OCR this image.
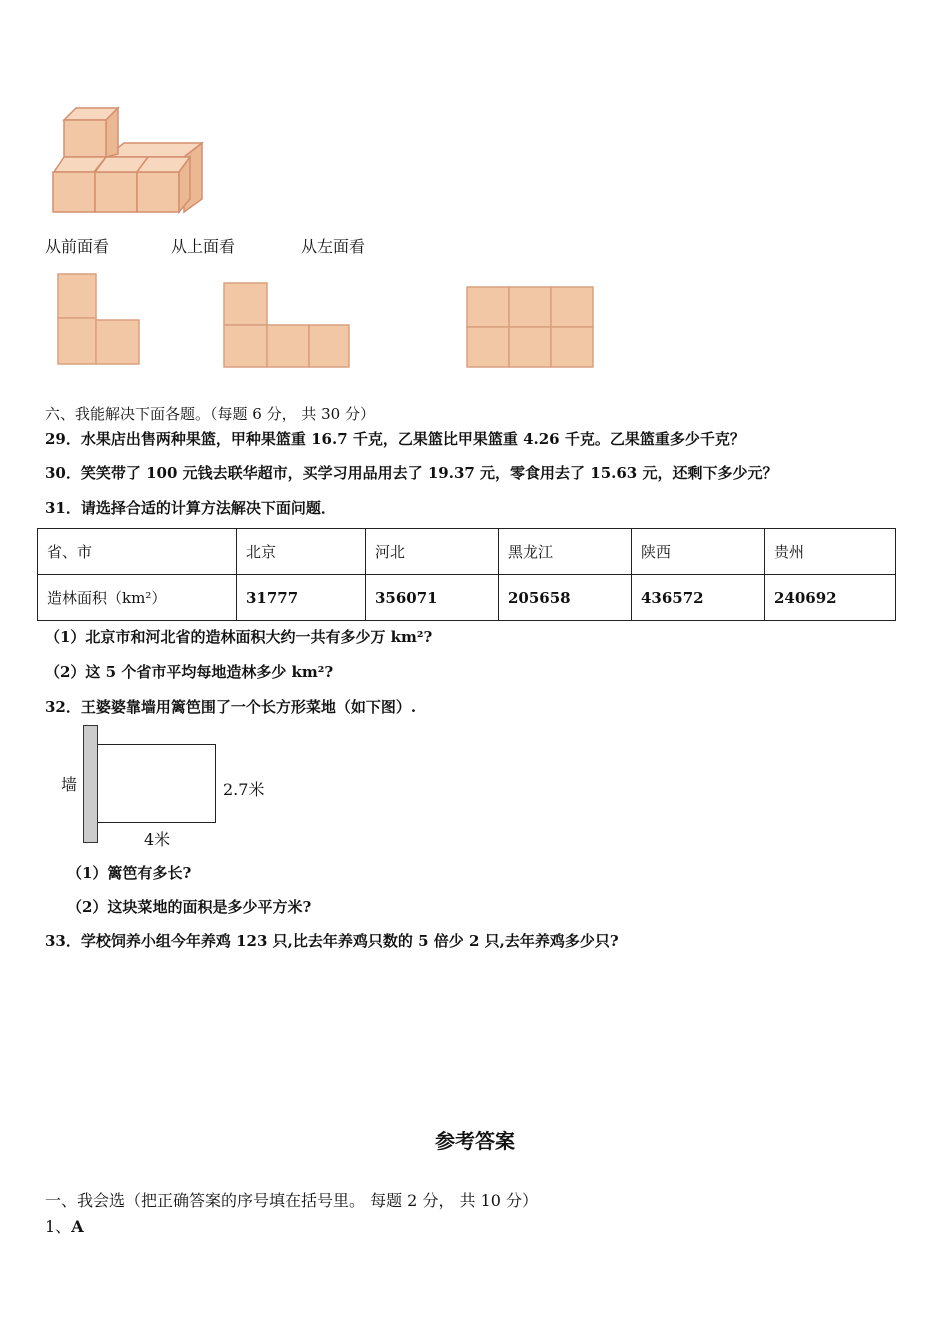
从前面看	从上面看	从左面看
六、我能解决下面各题。（每题 6 分， 共 30 分）
29．水果店出售两种果篮，甲种果篮重 16.7 千克，乙果篮比甲果篮重 4.26 千克。乙果篮重多少千克？
30．笑笑带了 100 元钱去联华超市，买学习用品用去了 19.37 元，零食用去了 15.63 元，还剩下多少元？
31．请选择合适的计算方法解决下面问题．
省、市	北京	河北	黑龙江	陕西	贵州
造林面积（km²）	31777	356071	205658	436572	240692
（1）北京市和河北省的造林面积大约一共有多少万 km²?
（2）这 5 个省市平均每地造林多少 km²?
32．王婆婆靠墙用篱笆围了一个长方形菜地（如下图）.
墙	2.7米
4米
（1）篱笆有多长?
（2）这块菜地的面积是多少平方米?
33．学校饲养小组今年养鸡 123 只,比去年养鸡只数的 5 倍少 2 只,去年养鸡多少只?
参考答案
一、我会选（把正确答案的序号填在括号里。 每题 2 分， 共 10 分）
1、A
